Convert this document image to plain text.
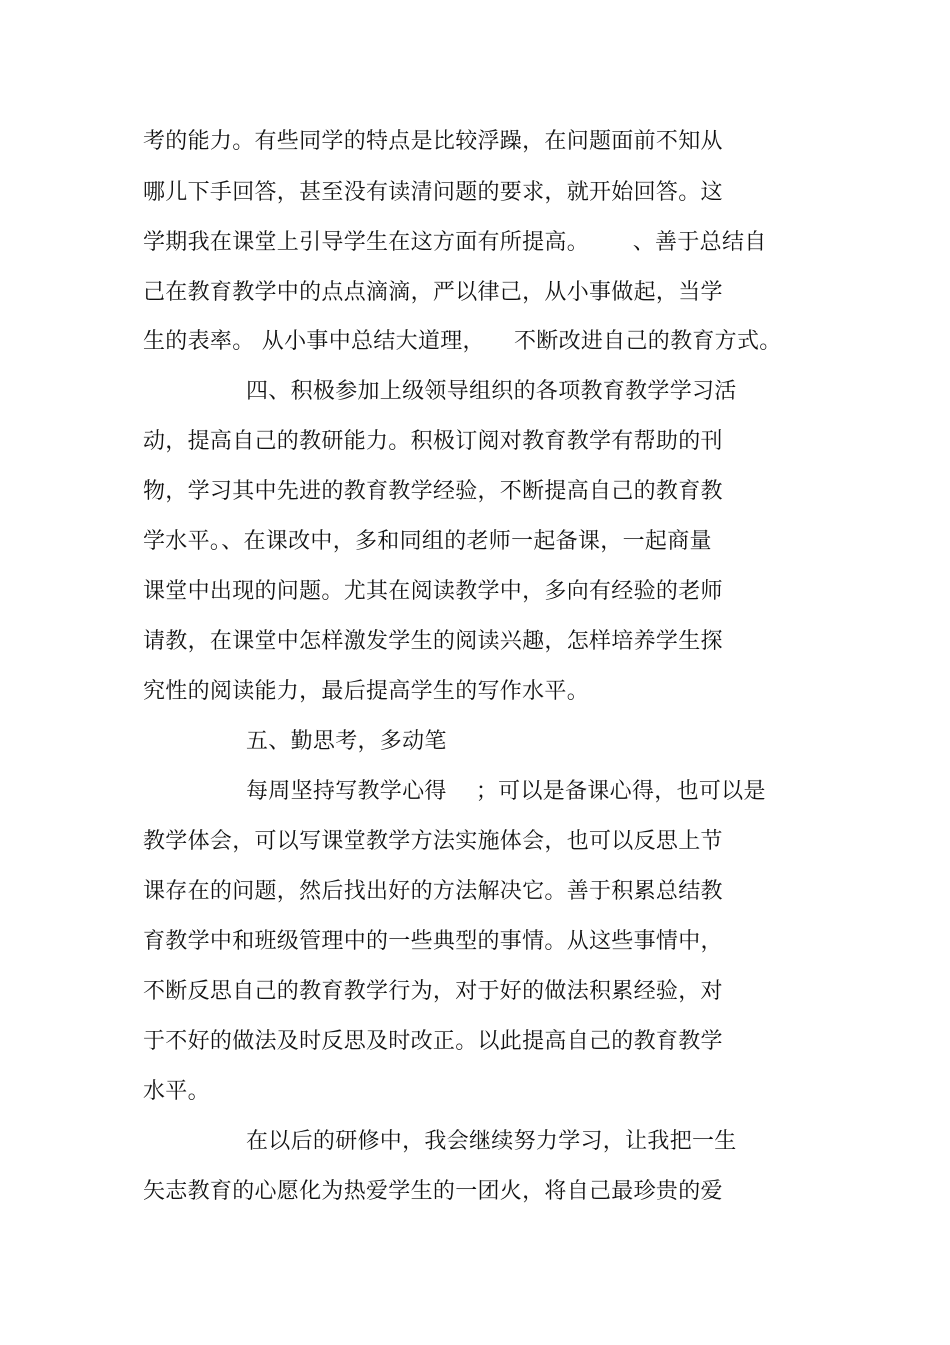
考的能力。有些同学的特点是比较浮躁，在问题面前不知从
哪儿下手回答，甚至没有读清问题的要求，就开始回答。这
学期我在课堂上引导学生在这方面有所提高。      、善于总结自
己在教育教学中的点点滴滴，严以律己，从小事做起，当学
生的表率。 从小事中总结大道理，    不断改进自己的教育方式。
四、积极参加上级领导组织的各项教育教学学习活
动，提高自己的教研能力。积极订阅对教育教学有帮助的刊
物，学习其中先进的教育教学经验，不断提高自己的教育教
学水平。、在课改中，多和同组的老师一起备课，一起商量
课堂中出现的问题。尤其在阅读教学中，多向有经验的老师
请教，在课堂中怎样激发学生的阅读兴趣，怎样培养学生探
究性的阅读能力，最后提高学生的写作水平。
五、勤思考，多动笔
每周坚持写教学心得    ；可以是备课心得，也可以是
教学体会，可以写课堂教学方法实施体会，也可以反思上节
课存在的问题，然后找出好的方法解决它。善于积累总结教
育教学中和班级管理中的一些典型的事情。从这些事情中，
不断反思自己的教育教学行为，对于好的做法积累经验，对
于不好的做法及时反思及时改正。以此提高自己的教育教学
水平。
在以后的研修中，我会继续努力学习，让我把一生
矢志教育的心愿化为热爱学生的一团火，将自己最珍贵的爱
